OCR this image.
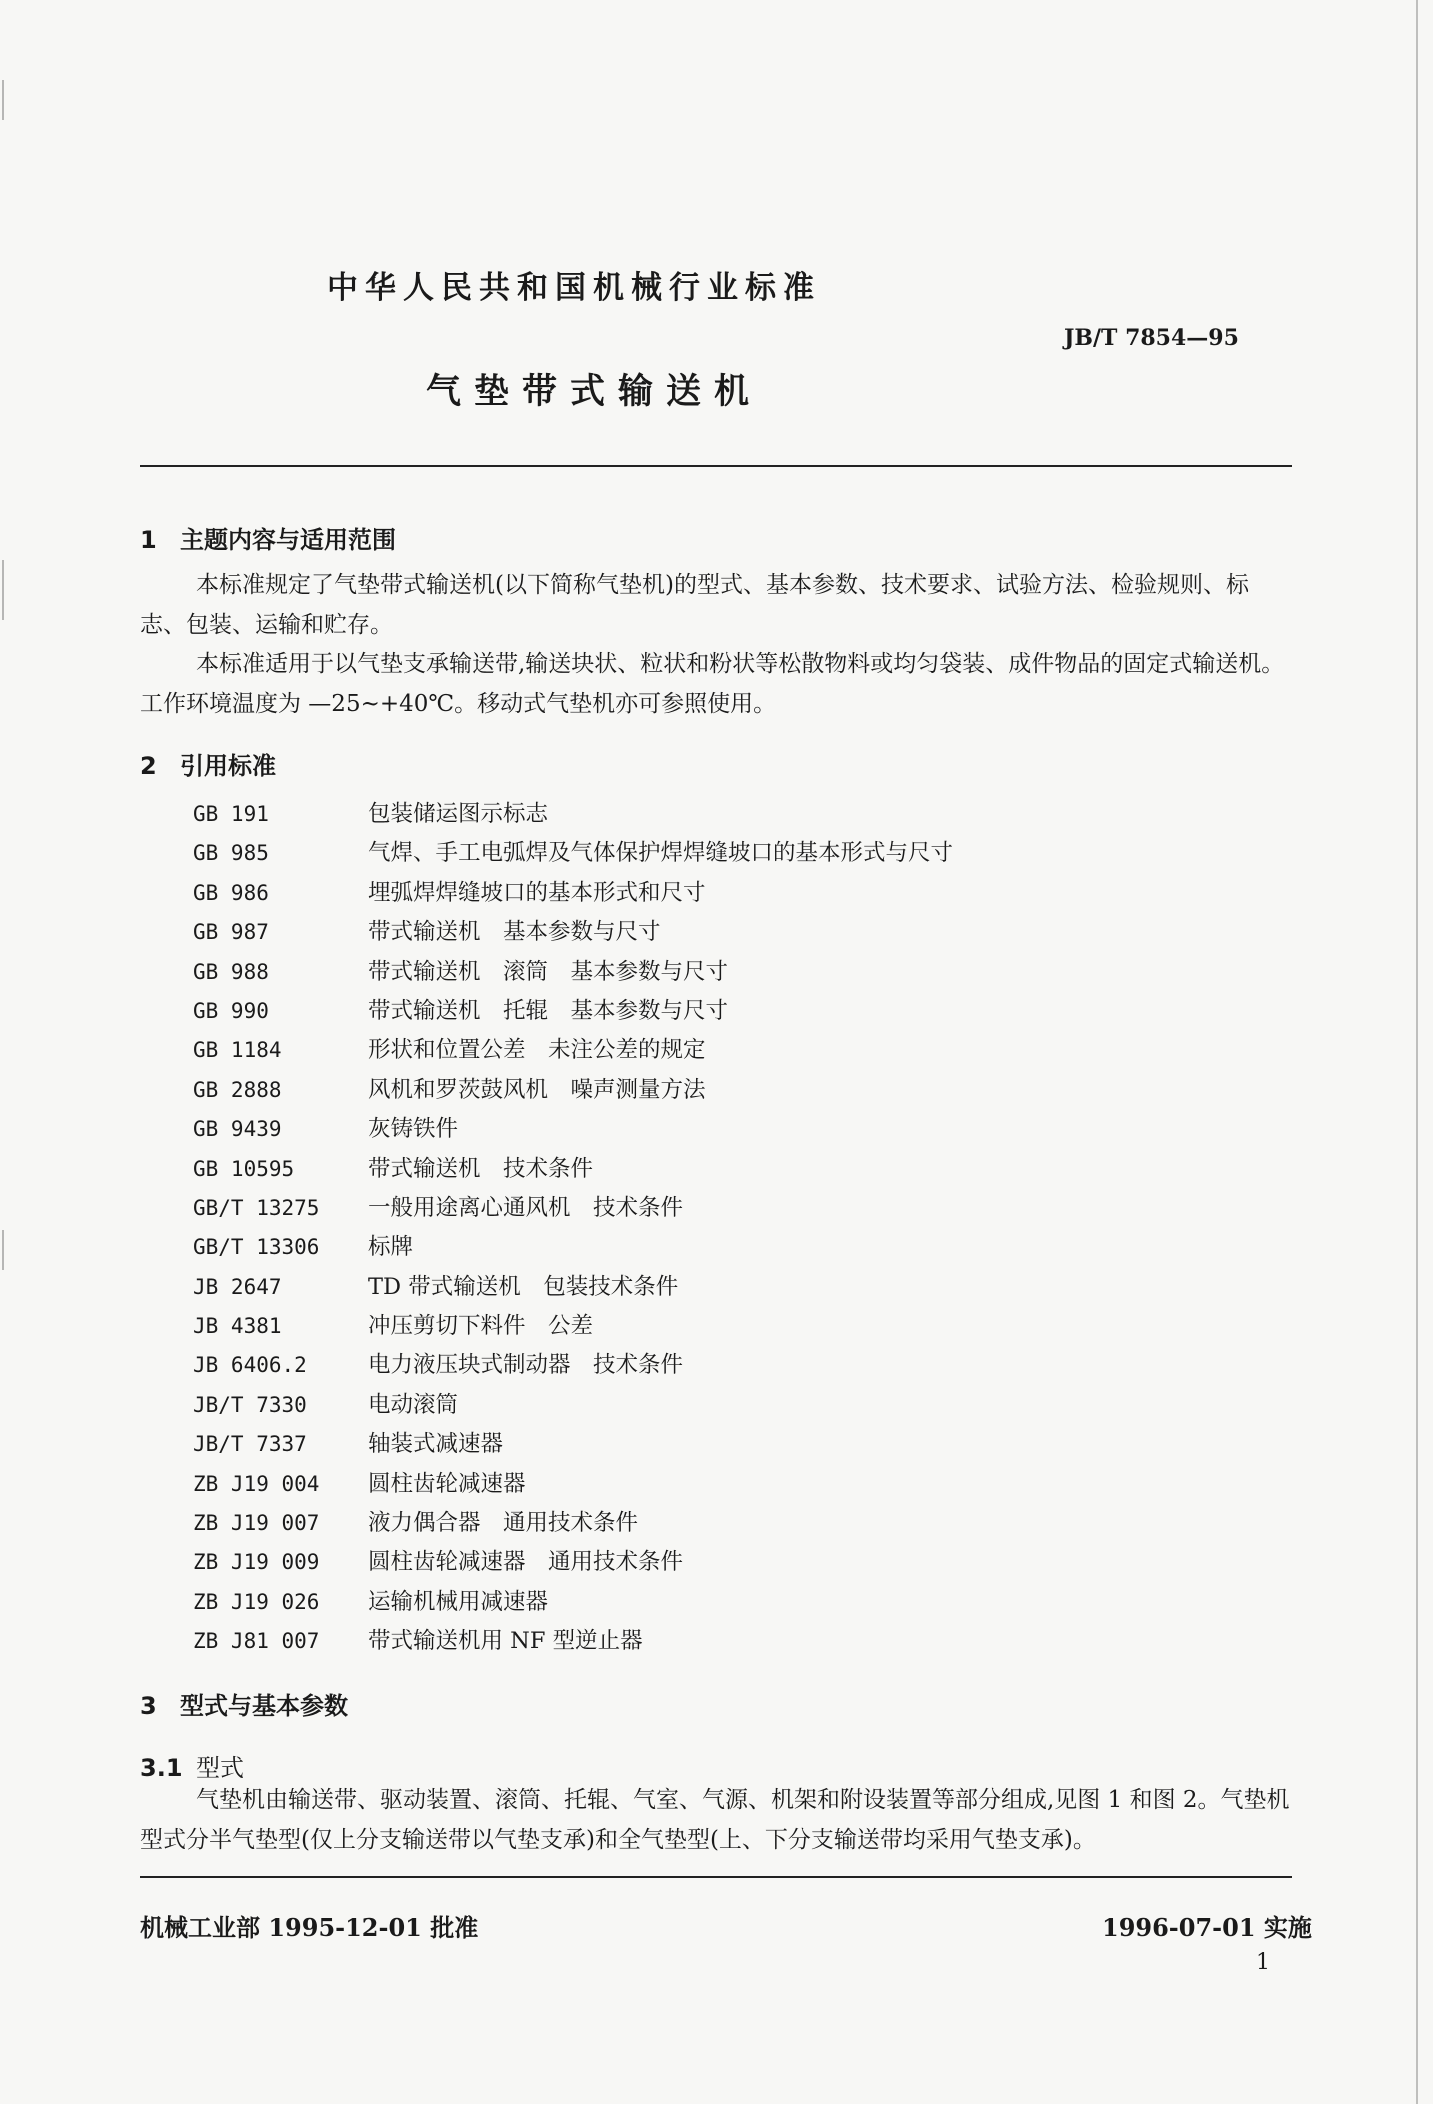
中华人民共和国机械行业标准
JB/T 7854—95
气垫带式输送机
1 主题内容与适用范围
本标准规定了气垫带式输送机(以下简称气垫机)的型式、基本参数、技术要求、试验方法、检验规则、标志、包装、运输和贮存。
本标准适用于以气垫支承输送带,输送块状、粒状和粉状等松散物料或均匀袋装、成件物品的固定式输送机。工作环境温度为 —25~+40℃。移动式气垫机亦可参照使用。
2 引用标准
GB 191	包装储运图示标志
GB 985	气焊、手工电弧焊及气体保护焊焊缝坡口的基本形式与尺寸
GB 986	埋弧焊焊缝坡口的基本形式和尺寸
GB 987	带式输送机　基本参数与尺寸
GB 988	带式输送机　滚筒　基本参数与尺寸
GB 990	带式输送机　托辊　基本参数与尺寸
GB 1184	形状和位置公差　未注公差的规定
GB 2888	风机和罗茨鼓风机　噪声测量方法
GB 9439	灰铸铁件
GB 10595	带式输送机　技术条件
GB/T 13275 一般用途离心通风机　技术条件
GB/T 13306 标牌
JB 2647	TD 带式输送机　包装技术条件
JB 4381	冲压剪切下料件　公差
JB 6406.2	电力液压块式制动器　技术条件
JB/T 7330	电动滚筒
JB/T 7337	轴装式减速器
ZB J19 004 圆柱齿轮减速器
ZB J19 007 液力偶合器　通用技术条件
ZB J19 009 圆柱齿轮减速器　通用技术条件
ZB J19 026 运输机械用减速器
ZB J81 007 带式输送机用 NF 型逆止器
3 型式与基本参数
3.1 型式
气垫机由输送带、驱动装置、滚筒、托辊、气室、气源、机架和附设装置等部分组成,见图 1 和图 2。气垫机型式分半气垫型(仅上分支输送带以气垫支承)和全气垫型(上、下分支输送带均采用气垫支承)。
机械工业部 1995-12-01 批准	1996-07-01 实施
1
